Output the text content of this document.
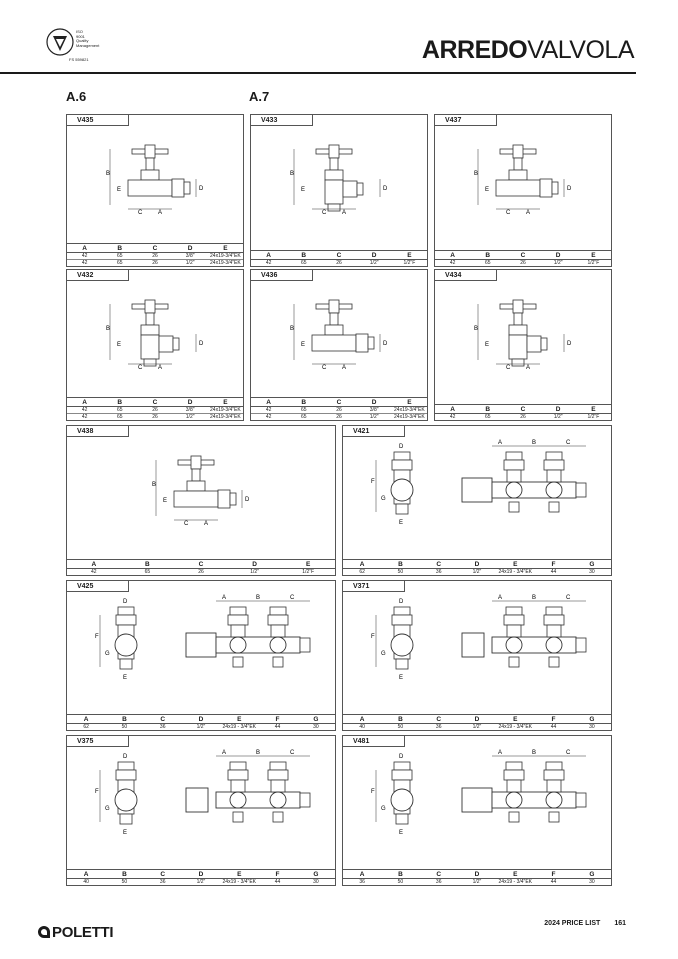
ISO
9001
Quality
Management
FS 559821	ARREDOVALVOLA
A.6	A.7
V435
B
E
C	A
D
A	B	C	D	E
42	65	26	3/8"	24x19-3/4"EK
42	65	26	1/2"	24x19-3/4"EK
V433
B
E
C	A
D
A	B	C	D	E
42	65	26	1/2"	1/2"F
V437
B
E
C	A
D
A	B	C	D	E
42	65	26	1/2"	1/2"F
V432
B
E
C	A
D
A	B	C	D	E
42	65	26	3/8"	24x19-3/4"EK
42	65	26	1/2"	24x19-3/4"EK
V436
B
E
C	A
D
A	B	C	D	E
42	65	26	3/8"	24x19-3/4"EK
42	65	26	1/2"	24x19-3/4"EK
V434
B
E
C	A
D
A	B	C	D	E
42	65	26	1/2"	1/2"F
V438
B
E
C	A
D
A	B	C	D	E
42	65	26	1/2"	1/2"F
V421
F
G
D
E
A	B	C
A	B	C	D	E	F	G
62	50	36	1/2"	24x19 - 3/4"EK	44	30
V425
F
G
D
E
A	B	C
A	B	C	D	E	F	G
62	50	36	1/2"	24x19 - 3/4"EK	44	30
V371
F
G
D
E
A	B	C
A	B	C	D	E	F	G
40	50	36	1/2"	24x19 - 3/4"EK	44	30
V375
F
G
D
E
A	B	C
A	B	C	D	E	F	G
40	50	36	1/2"	24x19 - 3/4"EK	44	30
V481
F
G
D
E
A	B	C
A	B	C	D	E	F	G
36	50	36	1/2"	24x19 - 3/4"EK	44	30
POLETTI
2024 PRICE LIST 161
